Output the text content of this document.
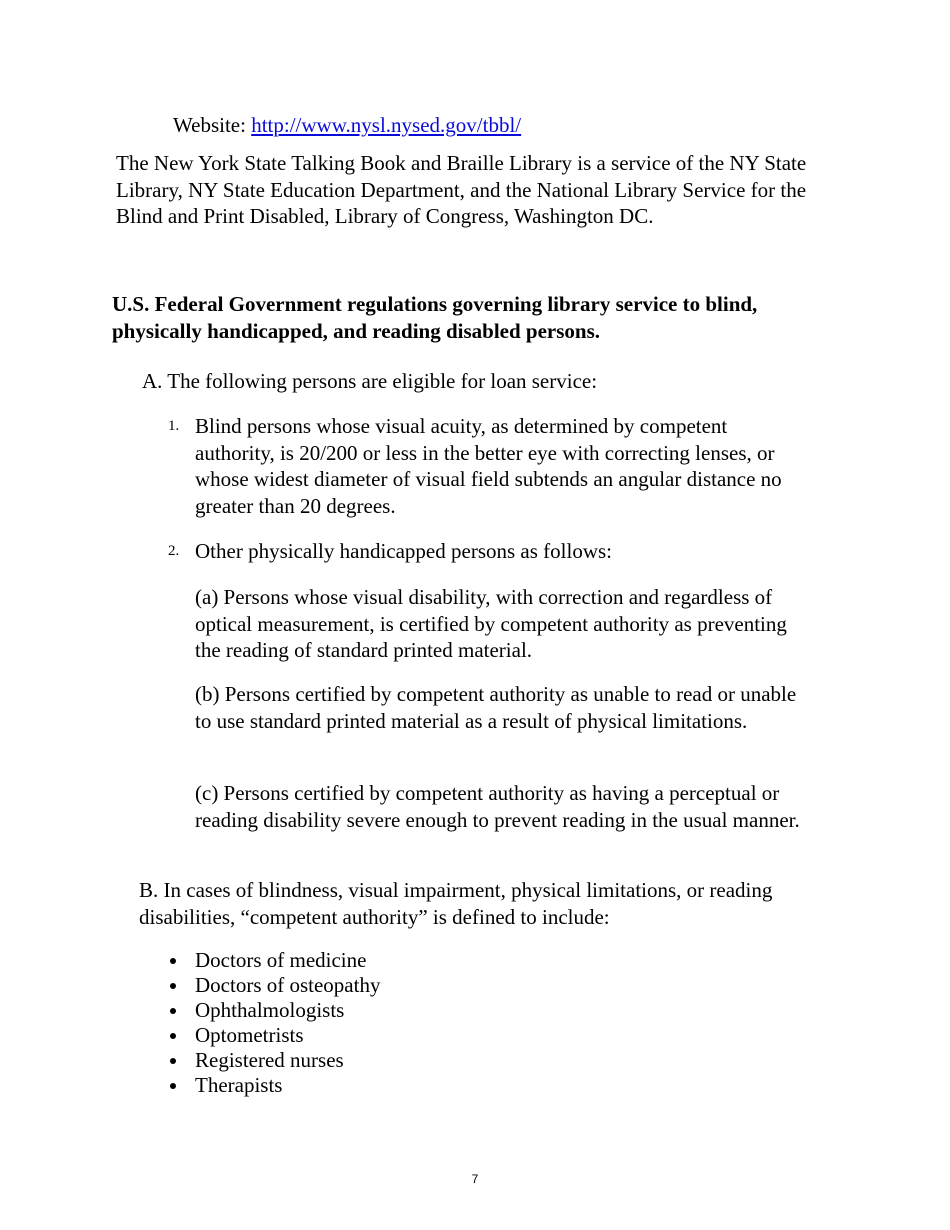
Website: http://www.nysl.nysed.gov/tbbl/
The New York State Talking Book and Braille Library is a service of the NY State Library, NY State Education Department, and the National Library Service for the Blind and Print Disabled, Library of Congress, Washington DC.
U.S. Federal Government regulations governing library service to blind, physically handicapped, and reading disabled persons.
A. The following persons are eligible for loan service:
1. Blind persons whose visual acuity, as determined by competent authority, is 20/200 or less in the better eye with correcting lenses, or whose widest diameter of visual field subtends an angular distance no greater than 20 degrees.
2. Other physically handicapped persons as follows:
(a) Persons whose visual disability, with correction and regardless of optical measurement, is certified by competent authority as preventing the reading of standard printed material.
(b) Persons certified by competent authority as unable to read or unable to use standard printed material as a result of physical limitations.
(c) Persons certified by competent authority as having a perceptual or reading disability severe enough to prevent reading in the usual manner.
B. In cases of blindness, visual impairment, physical limitations, or reading disabilities, “competent authority” is defined to include:
Doctors of medicine
Doctors of osteopathy
Ophthalmologists
Optometrists
Registered nurses
Therapists
7
